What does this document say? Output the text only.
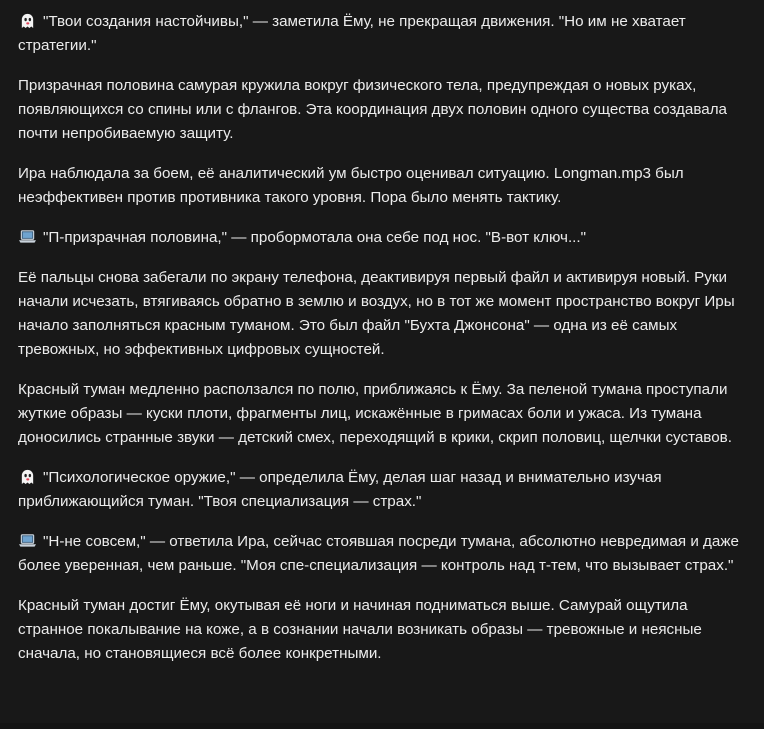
"Твои создания настойчивы," — заметила Ёму, не прекращая движения. "Но им не хватает стратегии."

Призрачная половина самурая кружила вокруг физического тела, предупреждая о новых руках, появляющихся со спины или с флангов. Эта координация двух половин одного существа создавала почти непробиваемую защиту.

Ира наблюдала за боем, её аналитический ум быстро оценивал ситуацию. Longman.mp3 был неэффективен против противника такого уровня. Пора было менять тактику.

"П-призрачная половина," — пробормотала она себе под нос. "В-вот ключ..."

Её пальцы снова забегали по экрану телефона, деактивируя первый файл и активируя новый. Руки начали исчезать, втягиваясь обратно в землю и воздух, но в тот же момент пространство вокруг Иры начало заполняться красным туманом. Это был файл "Бухта Джонсона" — одна из её самых тревожных, но эффективных цифровых сущностей.

Красный туман медленно расползался по полю, приближаясь к Ёму. За пеленой тумана проступали жуткие образы — куски плоти, фрагменты лиц, искажённые в гримасах боли и ужаса. Из тумана доносились странные звуки — детский смех, переходящий в крики, скрип половиц, щелчки суставов.

"Психологическое оружие," — определила Ёму, делая шаг назад и внимательно изучая приближающийся туман. "Твоя специализация — страх."

"Н-не совсем," — ответила Ира, сейчас стоявшая посреди тумана, абсолютно невредимая и даже более уверенная, чем раньше. "Моя спе-специализация — контроль над т-тем, что вызывает страх."

Красный туман достиг Ёму, окутывая её ноги и начиная подниматься выше. Самурай ощутила странное покалывание на коже, а в сознании начали возникать образы — тревожные и неясные сначала, но становящиеся всё более конкретными.
